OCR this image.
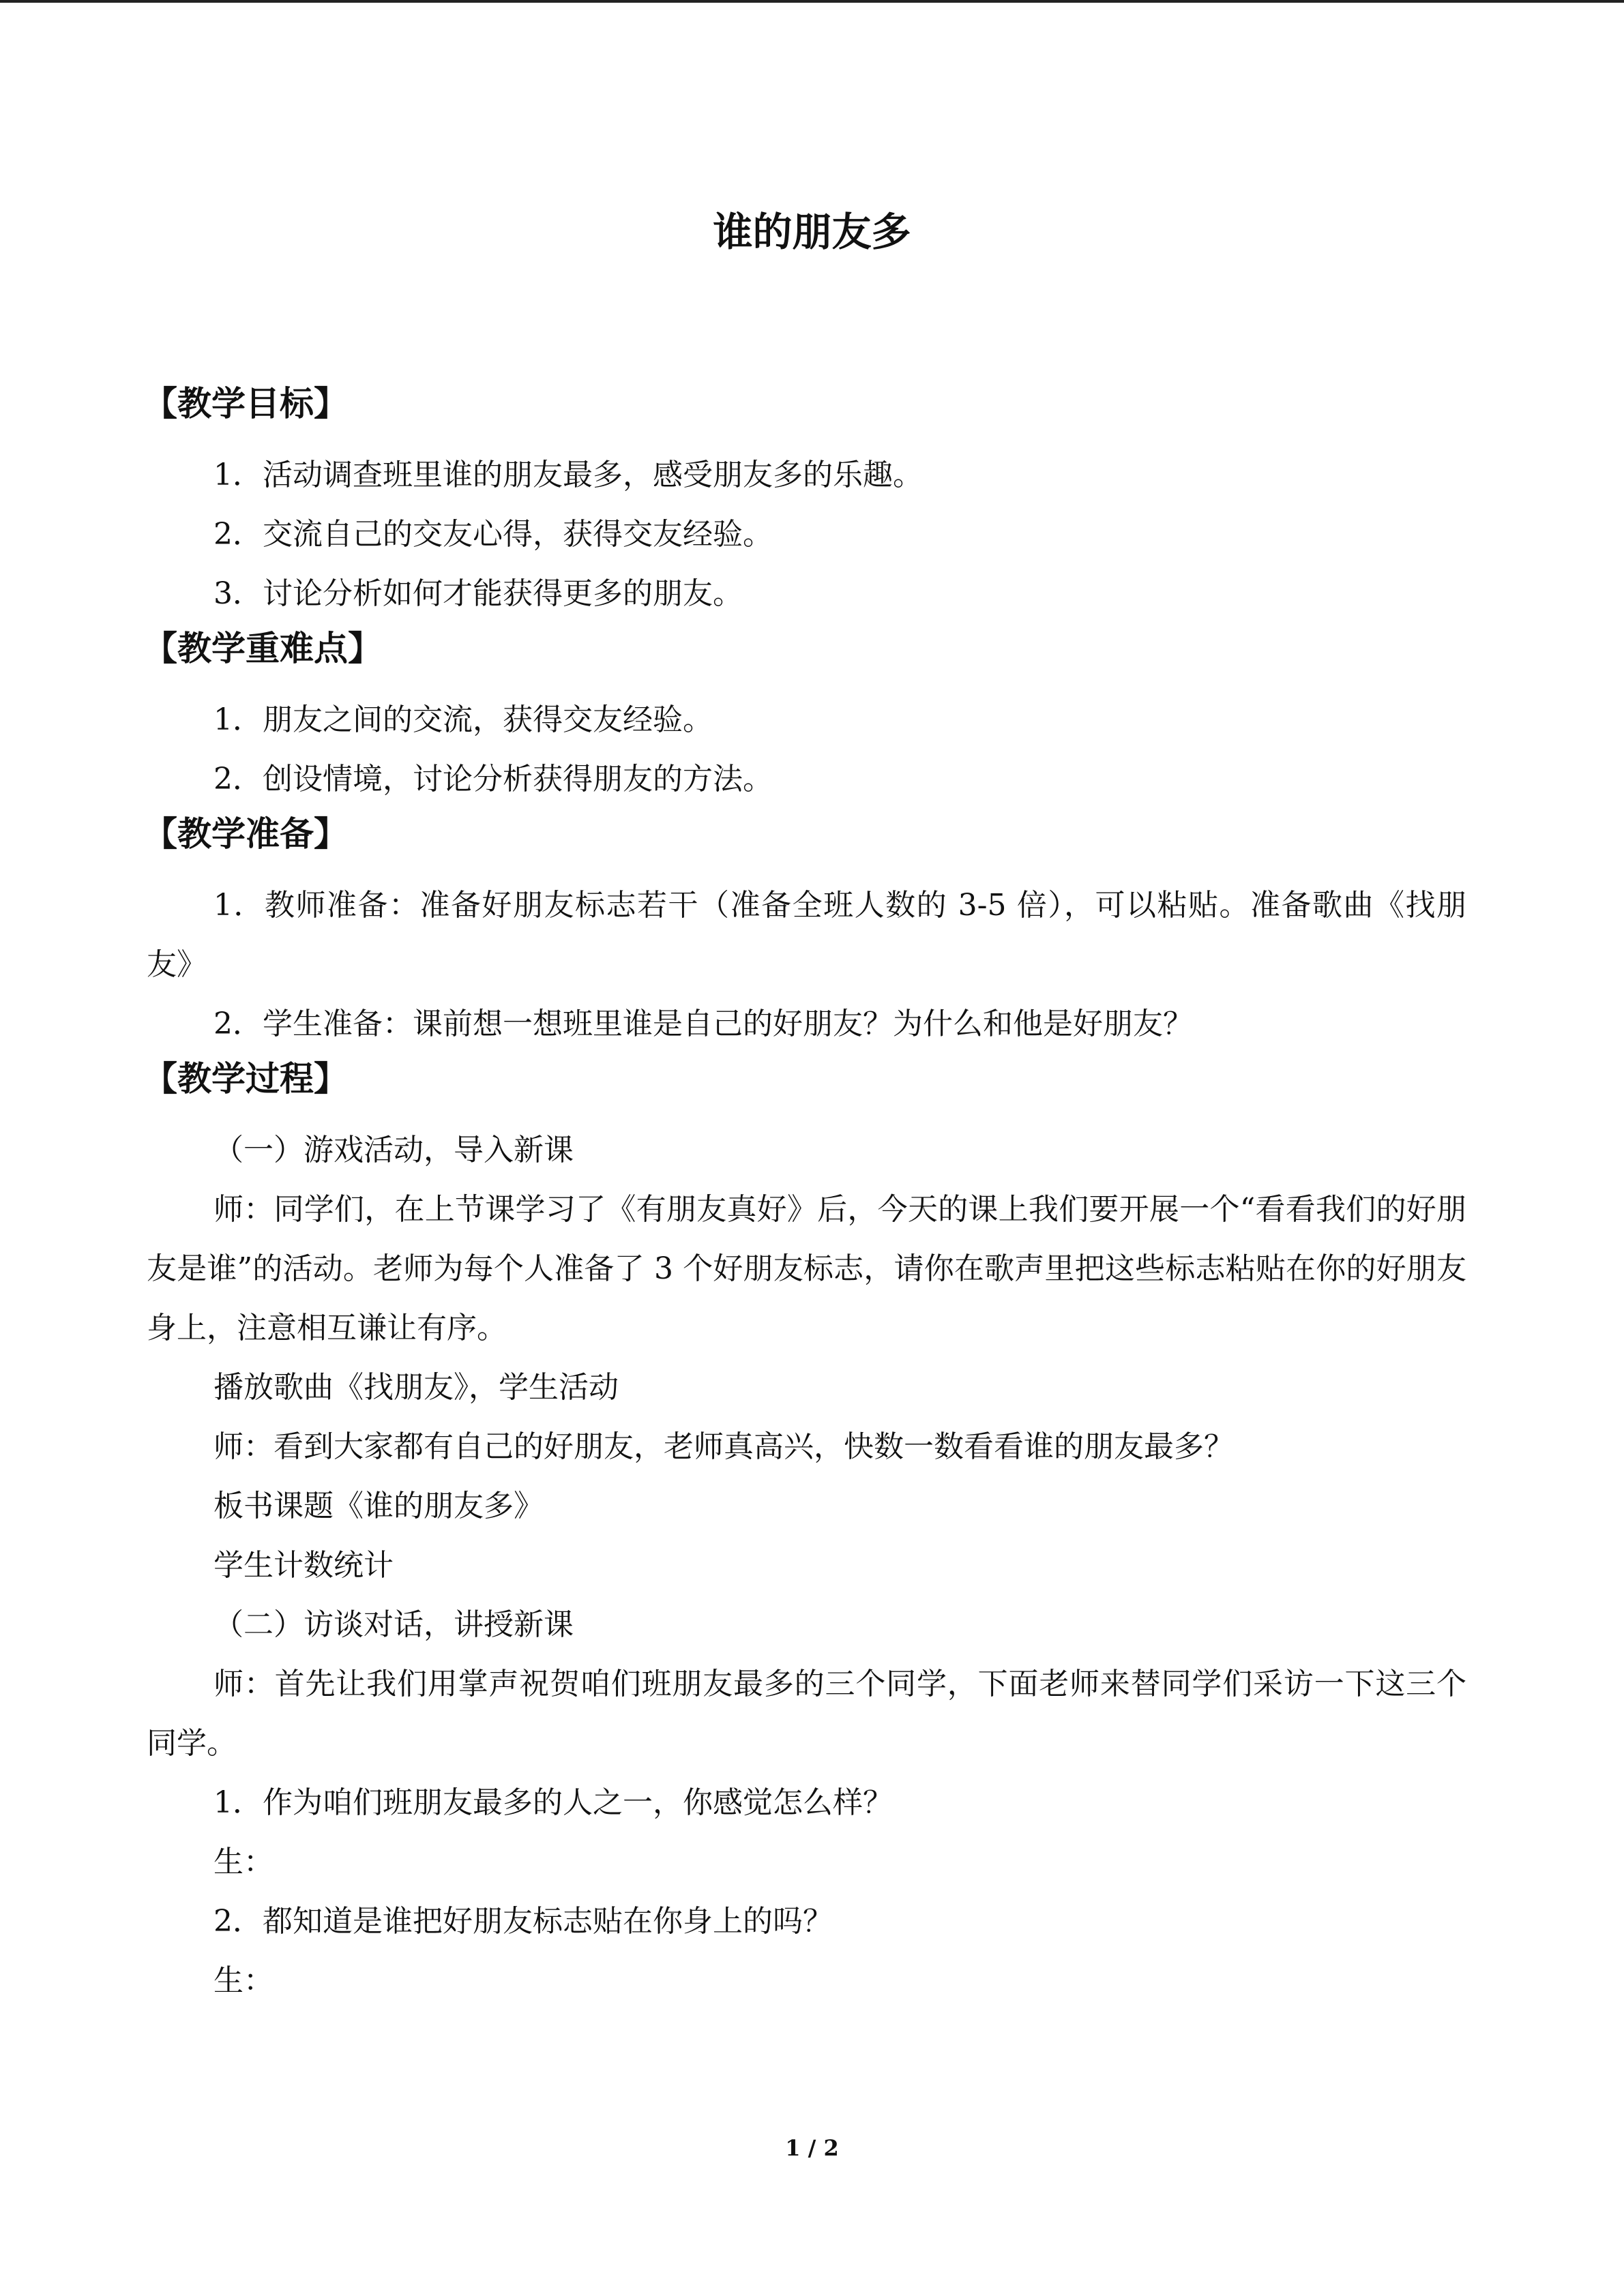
谁的朋友多
【教学目标】

1．活动调查班里谁的朋友最多，感受朋友多的乐趣。

2．交流自己的交友心得，获得交友经验。

3．讨论分析如何才能获得更多的朋友。

【教学重难点】

1．朋友之间的交流，获得交友经验。

2．创设情境，讨论分析获得朋友的方法。

【教学准备】

1．教师准备：准备好朋友标志若干（准备全班人数的 3-5 倍），可以粘贴。准备歌曲《找朋友》

2．学生准备：课前想一想班里谁是自己的好朋友？为什么和他是好朋友？

【教学过程】

（一）游戏活动，导入新课

师：同学们，在上节课学习了《有朋友真好》后，今天的课上我们要开展一个“看看我们的好朋友是谁”的活动。老师为每个人准备了 3 个好朋友标志，请你在歌声里把这些标志粘贴在你的好朋友身上，注意相互谦让有序。

播放歌曲《找朋友》，学生活动

师：看到大家都有自己的好朋友，老师真高兴，快数一数看看谁的朋友最多？

板书课题《谁的朋友多》

学生计数统计

（二）访谈对话，讲授新课

师：首先让我们用掌声祝贺咱们班朋友最多的三个同学，下面老师来替同学们采访一下这三个同学。

1．作为咱们班朋友最多的人之一，你感觉怎么样？

生：

2．都知道是谁把好朋友标志贴在你身上的吗？

生：

1 / 2
